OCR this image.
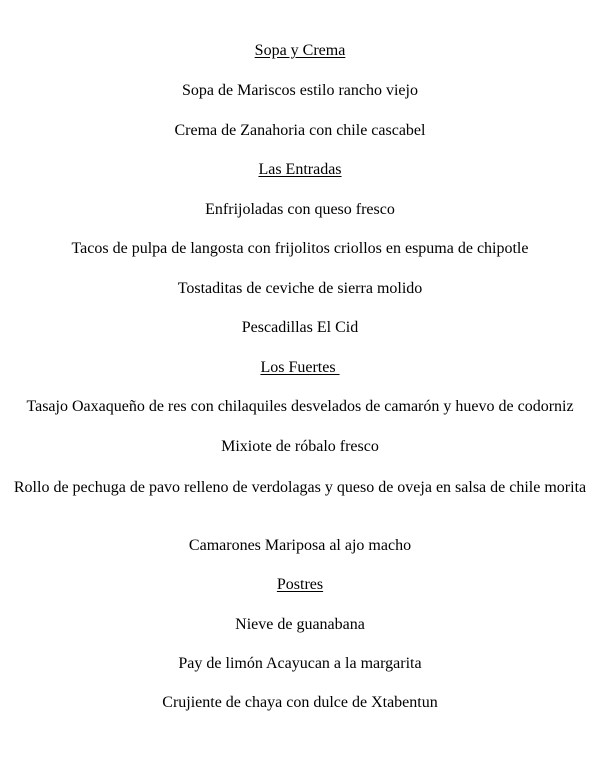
Sopa y Crema
Sopa de Mariscos estilo rancho viejo
Crema de Zanahoria con chile cascabel
Las Entradas
Enfrijoladas con queso fresco
Tacos de pulpa de langosta con frijolitos criollos en espuma de chipotle
Tostaditas de ceviche de sierra molido
Pescadillas El Cid
Los Fuertes
Tasajo Oaxaqueño de res con chilaquiles desvelados de camarón y huevo de codorniz
Mixiote de róbalo fresco
Rollo de pechuga de pavo relleno de verdolagas y queso de oveja en salsa de chile morita
Camarones Mariposa al ajo macho
Postres
Nieve de guanabana
Pay de limón Acayucan a la margarita
Crujiente de chaya con dulce de Xtabentun
